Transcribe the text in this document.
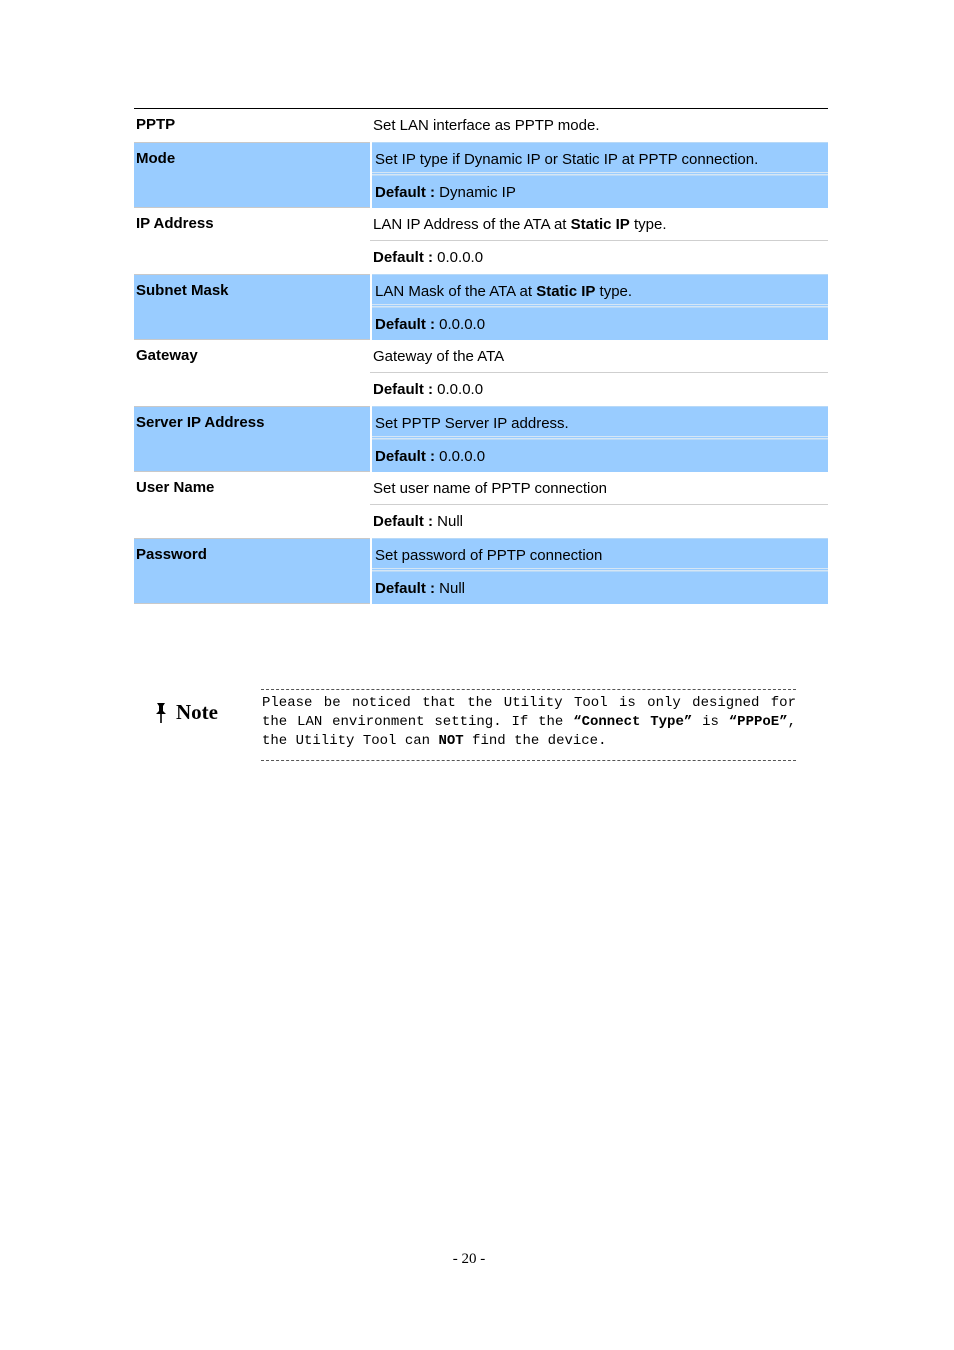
PPTP	Set LAN interface as PPTP mode.

Mode	Set IP type if Dynamic IP or Static IP at PPTP connection.
Default : Dynamic IP

IP Address	LAN IP Address of the ATA at Static IP type.
Default : 0.0.0.0

Subnet Mask	LAN Mask of the ATA at Static IP type.
Default : 0.0.0.0

Gateway	Gateway of the ATA
Default : 0.0.0.0

Server IP Address	Set PPTP Server IP address.
Default : 0.0.0.0

User Name	Set user name of PPTP connection
Default : Null

Password	Set password of PPTP connection
Default : Null
Note	Please be noticed that the Utility Tool is only designed for the LAN environment setting. If the “Connect Type” is “PPPoE”, the Utility Tool can NOT find the device.
- 20 -
